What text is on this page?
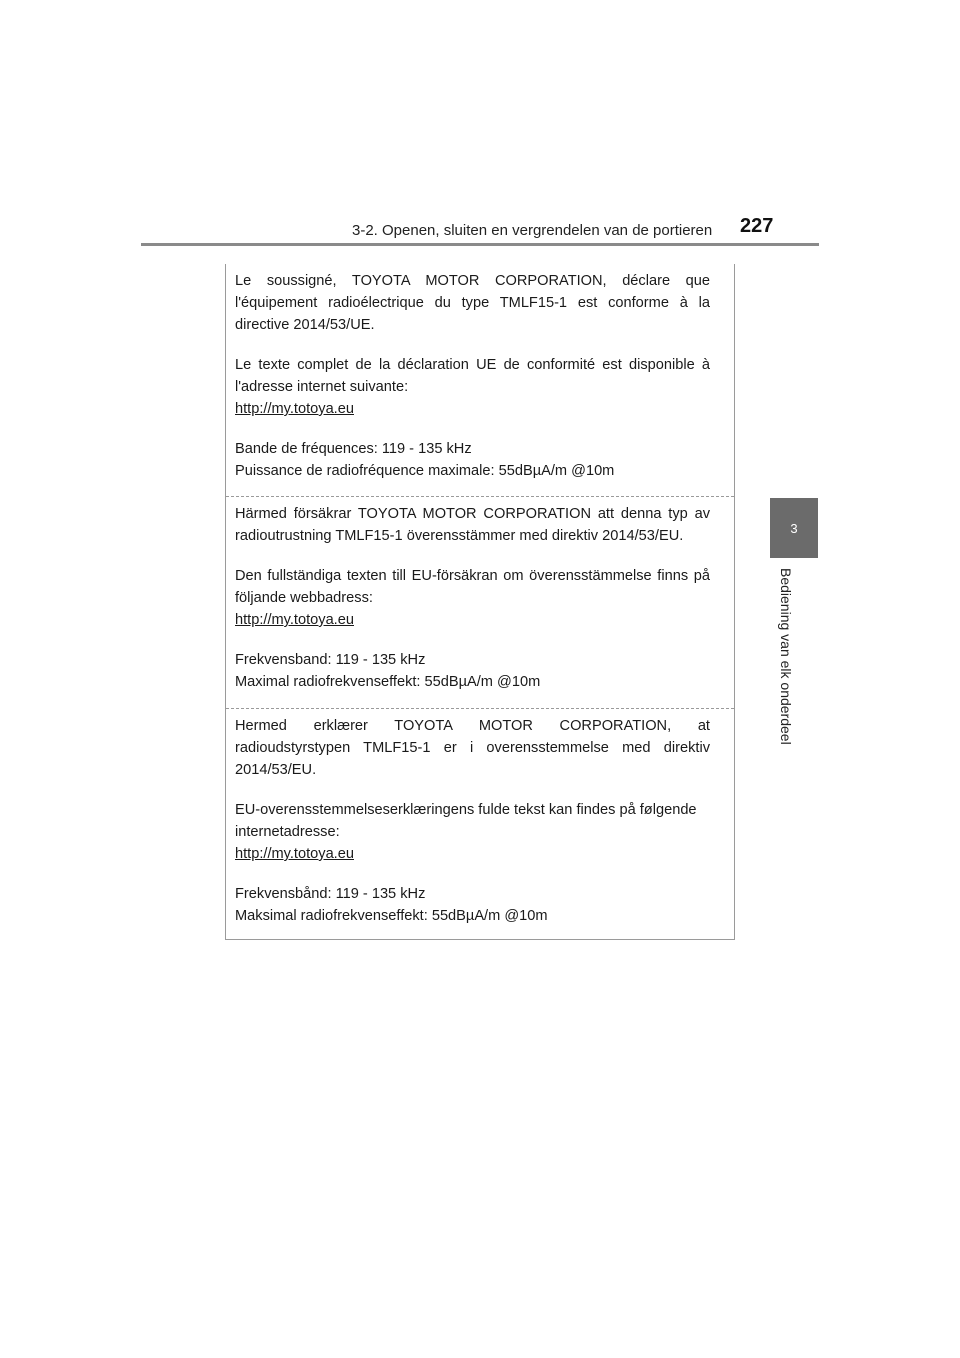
3-2. Openen, sluiten en vergrendelen van de portieren 227
3
Bediening van elk onderdeel

Le soussigné, TOYOTA MOTOR CORPORATION, déclare que l'équipement radioélectrique du type TMLF15-1 est conforme à la directive 2014/53/UE.

Le texte complet de la déclaration UE de conformité est disponible à l'adresse internet suivante:

http://my.totoya.eu

Bande de fréquences: 119 - 135 kHz

Puissance de radiofréquence maximale: 55dBµA/m @10m

Härmed försäkrar TOYOTA MOTOR CORPORATION att denna typ av radioutrustning TMLF15-1 överensstämmer med direktiv 2014/53/EU.

Den fullständiga texten till EU-försäkran om överensstämmelse finns på följande webbadress:

http://my.totoya.eu

Frekvensband: 119 - 135 kHz

Maximal radiofrekvenseffekt: 55dBµA/m @10m

Hermed erklærer TOYOTA MOTOR CORPORATION, at radioudstyrstypen TMLF15-1 er i overensstemmelse med direktiv 2014/53/EU.

EU-overensstemmelseserklæringens fulde tekst kan findes på følgende internetadresse:

http://my.totoya.eu

Frekvensbånd: 119 - 135 kHz

Maksimal radiofrekvenseffekt: 55dBµA/m @10m
